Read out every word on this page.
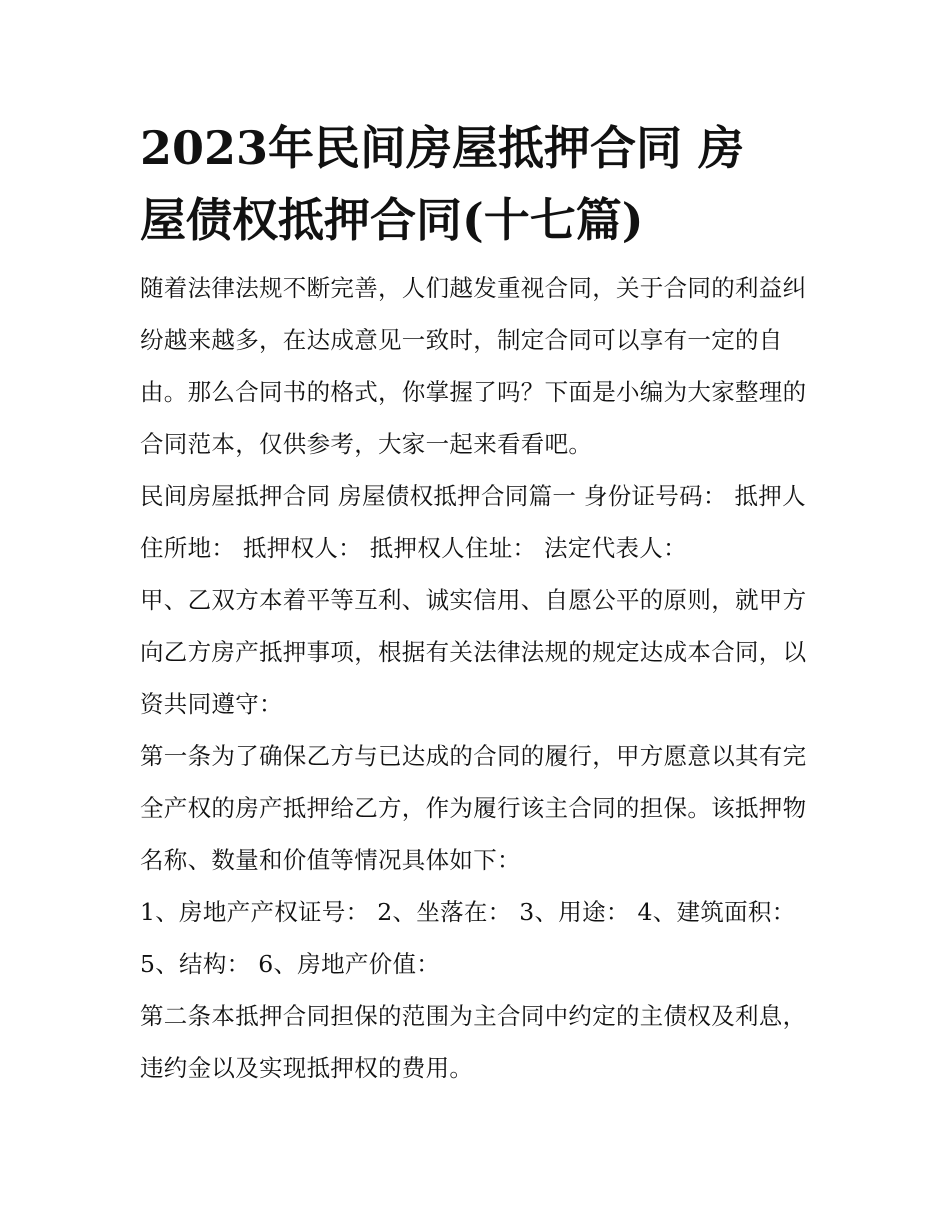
2023年民间房屋抵押合同 房屋债权抵押合同(十七篇)

随着法律法规不断完善，人们越发重视合同，关于合同的利益纠纷越来越多，在达成意见一致时，制定合同可以享有一定的自由。那么合同书的格式，你掌握了吗？下面是小编为大家整理的合同范本，仅供参考，大家一起来看看吧。

民间房屋抵押合同 房屋债权抵押合同篇一 身份证号码： 抵押人住所地： 抵押权人： 抵押权人住址： 法定代表人：

甲、乙双方本着平等互利、诚实信用、自愿公平的原则，就甲方向乙方房产抵押事项，根据有关法律法规的规定达成本合同，以资共同遵守：

第一条为了确保乙方与已达成的合同的履行，甲方愿意以其有完全产权的房产抵押给乙方，作为履行该主合同的担保。该抵押物名称、数量和价值等情况具体如下：

1、房地产产权证号： 2、坐落在： 3、用途： 4、建筑面积： 5、结构： 6、房地产价值：

第二条本抵押合同担保的范围为主合同中约定的主债权及利息，违约金以及实现抵押权的费用。
